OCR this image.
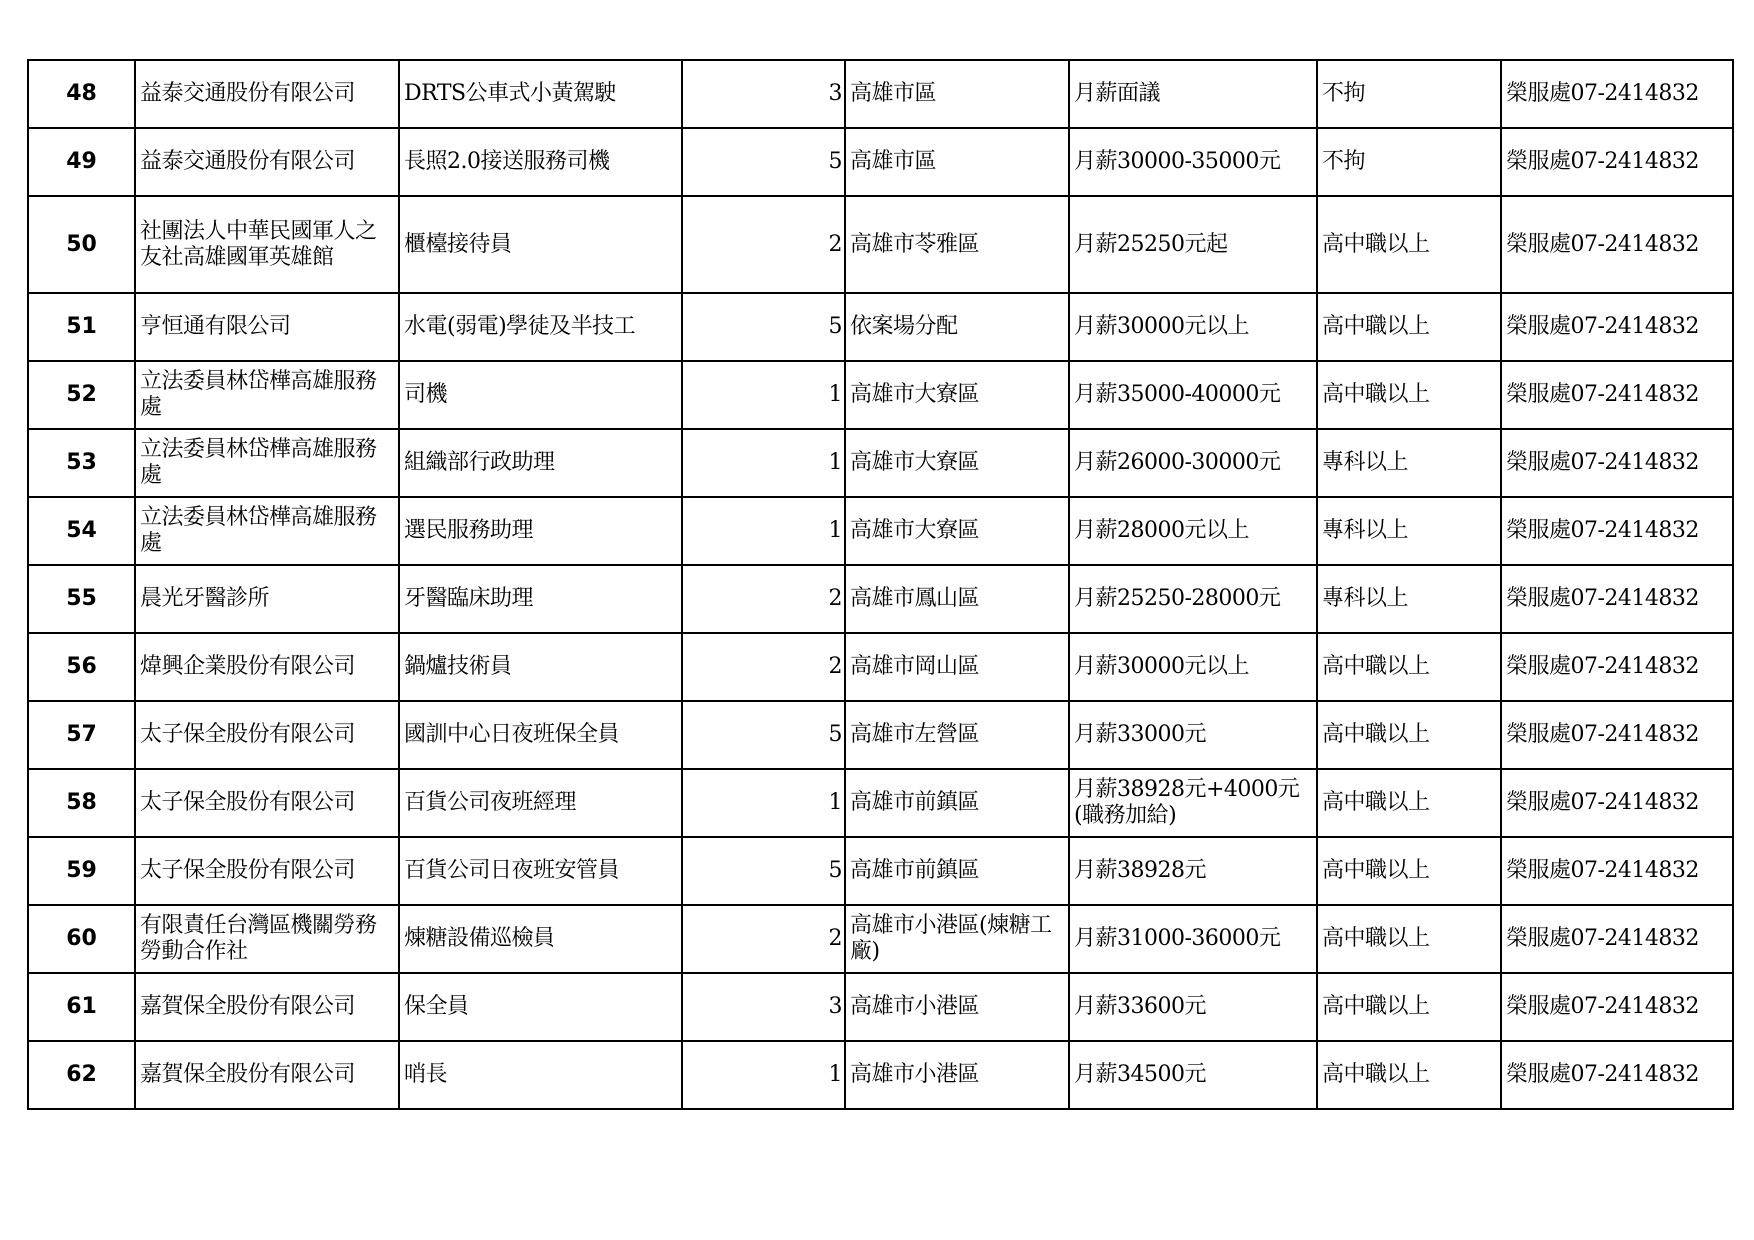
48	益泰交通股份有限公司	DRTS公車式小黃駕駛	3	高雄市區	月薪面議	不拘	榮服處07-2414832
49	益泰交通股份有限公司	長照2.0接送服務司機	5	高雄市區	月薪30000-35000元	不拘	榮服處07-2414832
50	社團法人中華民國軍人之友社高雄國軍英雄館	櫃檯接待員	2	高雄市苓雅區	月薪25250元起	高中職以上	榮服處07-2414832
51	亨恒通有限公司	水電(弱電)學徒及半技工	5	依案場分配	月薪30000元以上	高中職以上	榮服處07-2414832
52	立法委員林岱樺高雄服務處	司機	1	高雄市大寮區	月薪35000-40000元	高中職以上	榮服處07-2414832
53	立法委員林岱樺高雄服務處	組織部行政助理	1	高雄市大寮區	月薪26000-30000元	專科以上	榮服處07-2414832
54	立法委員林岱樺高雄服務處	選民服務助理	1	高雄市大寮區	月薪28000元以上	專科以上	榮服處07-2414832
55	晨光牙醫診所	牙醫臨床助理	2	高雄市鳳山區	月薪25250-28000元	專科以上	榮服處07-2414832
56	煒興企業股份有限公司	鍋爐技術員	2	高雄市岡山區	月薪30000元以上	高中職以上	榮服處07-2414832
57	太子保全股份有限公司	國訓中心日夜班保全員	5	高雄市左營區	月薪33000元	高中職以上	榮服處07-2414832
58	太子保全股份有限公司	百貨公司夜班經理	1	高雄市前鎮區	月薪38928元+4000元(職務加給)	高中職以上	榮服處07-2414832
59	太子保全股份有限公司	百貨公司日夜班安管員	5	高雄市前鎮區	月薪38928元	高中職以上	榮服處07-2414832
60	有限責任台灣區機關勞務勞動合作社	煉糖設備巡檢員	2	高雄市小港區(煉糖工廠)	月薪31000-36000元	高中職以上	榮服處07-2414832
61	嘉賀保全股份有限公司	保全員	3	高雄市小港區	月薪33600元	高中職以上	榮服處07-2414832
62	嘉賀保全股份有限公司	哨長	1	高雄市小港區	月薪34500元	高中職以上	榮服處07-2414832
